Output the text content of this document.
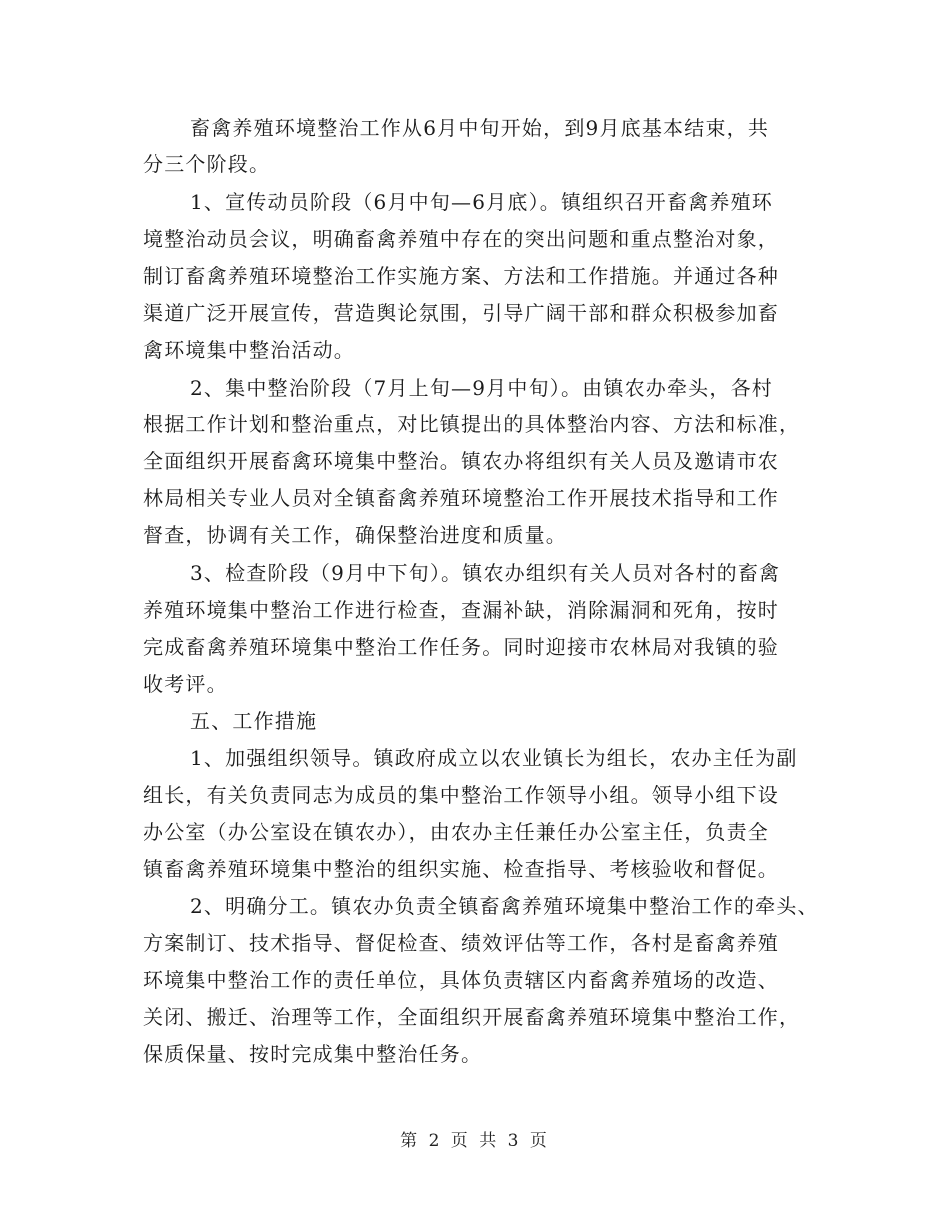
畜禽养殖环境整治工作从6月中旬开始，到9月底基本结束，共
分三个阶段。
1、宣传动员阶段（6月中旬—6月底）。镇组织召开畜禽养殖环
境整治动员会议，明确畜禽养殖中存在的突出问题和重点整治对象，
制订畜禽养殖环境整治工作实施方案、方法和工作措施。并通过各种
渠道广泛开展宣传，营造舆论氛围，引导广阔干部和群众积极参加畜
禽环境集中整治活动。
2、集中整治阶段（7月上旬—9月中旬）。由镇农办牵头，各村
根据工作计划和整治重点，对比镇提出的具体整治内容、方法和标准，
全面组织开展畜禽环境集中整治。镇农办将组织有关人员及邀请市农
林局相关专业人员对全镇畜禽养殖环境整治工作开展技术指导和工作
督查，协调有关工作，确保整治进度和质量。
3、检查阶段（9月中下旬）。镇农办组织有关人员对各村的畜禽
养殖环境集中整治工作进行检查，查漏补缺，消除漏洞和死角，按时
完成畜禽养殖环境集中整治工作任务。同时迎接市农林局对我镇的验
收考评。
五、工作措施
1、加强组织领导。镇政府成立以农业镇长为组长，农办主任为副
组长，有关负责同志为成员的集中整治工作领导小组。领导小组下设
办公室（办公室设在镇农办），由农办主任兼任办公室主任，负责全
镇畜禽养殖环境集中整治的组织实施、检查指导、考核验收和督促。
2、明确分工。镇农办负责全镇畜禽养殖环境集中整治工作的牵头、
方案制订、技术指导、督促检查、绩效评估等工作，各村是畜禽养殖
环境集中整治工作的责任单位，具体负责辖区内畜禽养殖场的改造、
关闭、搬迁、治理等工作，全面组织开展畜禽养殖环境集中整治工作，
保质保量、按时完成集中整治任务。
第 2 页 共 3 页
